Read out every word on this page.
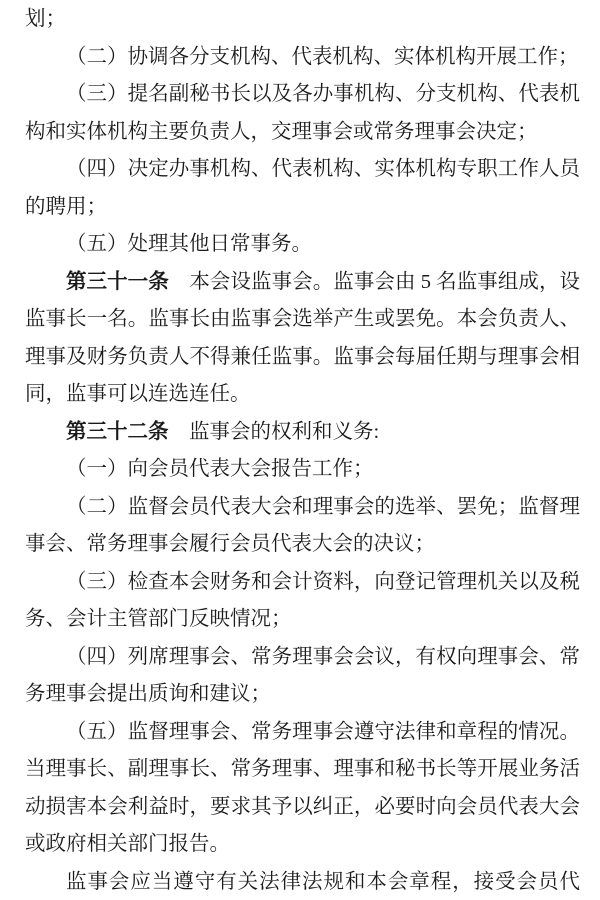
划；

（二）协调各分支机构、代表机构、实体机构开展工作；

（三）提名副秘书长以及各办事机构、分支机构、代表机构和实体机构主要负责人，交理事会或常务理事会决定；

（四）决定办事机构、代表机构、实体机构专职工作人员的聘用；

（五）处理其他日常事务。

第三十一条　本会设监事会。监事会由 5 名监事组成，设监事长一名。监事长由监事会选举产生或罢免。本会负责人、理事及财务负责人不得兼任监事。监事会每届任期与理事会相同，监事可以连选连任。

第三十二条　监事会的权利和义务:

（一）向会员代表大会报告工作；

（二）监督会员代表大会和理事会的选举、罢免；监督理事会、常务理事会履行会员代表大会的决议；

（三）检查本会财务和会计资料，向登记管理机关以及税务、会计主管部门反映情况；

（四）列席理事会、常务理事会会议，有权向理事会、常务理事会提出质询和建议；

（五）监督理事会、常务理事会遵守法律和章程的情况。当理事长、副理事长、常务理事、理事和秘书长等开展业务活动损害本会利益时，要求其予以纠正，必要时向会员代表大会或政府相关部门报告。

监事会应当遵守有关法律法规和本会章程，接受会员代
